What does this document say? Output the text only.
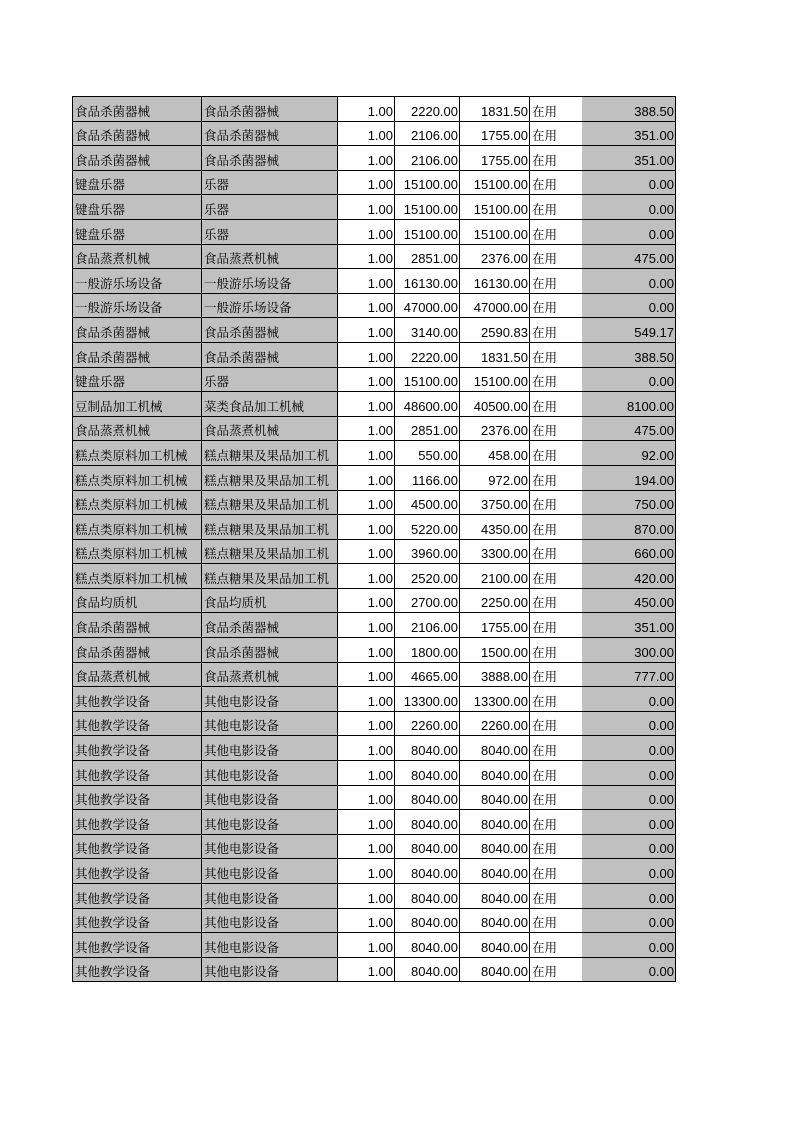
食品杀菌器械	食品杀菌器械	1.00	2220.00	1831.50	在用	388.50
食品杀菌器械	食品杀菌器械	1.00	2106.00	1755.00	在用	351.00
食品杀菌器械	食品杀菌器械	1.00	2106.00	1755.00	在用	351.00
键盘乐器	乐器	1.00	15100.00	15100.00	在用	0.00
键盘乐器	乐器	1.00	15100.00	15100.00	在用	0.00
键盘乐器	乐器	1.00	15100.00	15100.00	在用	0.00
食品蒸煮机械	食品蒸煮机械	1.00	2851.00	2376.00	在用	475.00
一般游乐场设备	一般游乐场设备	1.00	16130.00	16130.00	在用	0.00
一般游乐场设备	一般游乐场设备	1.00	47000.00	47000.00	在用	0.00
食品杀菌器械	食品杀菌器械	1.00	3140.00	2590.83	在用	549.17
食品杀菌器械	食品杀菌器械	1.00	2220.00	1831.50	在用	388.50
键盘乐器	乐器	1.00	15100.00	15100.00	在用	0.00
豆制品加工机械	菜类食品加工机械	1.00	48600.00	40500.00	在用	8100.00
食品蒸煮机械	食品蒸煮机械	1.00	2851.00	2376.00	在用	475.00
糕点类原料加工机械	糕点糖果及果品加工机	1.00	550.00	458.00	在用	92.00
糕点类原料加工机械	糕点糖果及果品加工机	1.00	1166.00	972.00	在用	194.00
糕点类原料加工机械	糕点糖果及果品加工机	1.00	4500.00	3750.00	在用	750.00
糕点类原料加工机械	糕点糖果及果品加工机	1.00	5220.00	4350.00	在用	870.00
糕点类原料加工机械	糕点糖果及果品加工机	1.00	3960.00	3300.00	在用	660.00
糕点类原料加工机械	糕点糖果及果品加工机	1.00	2520.00	2100.00	在用	420.00
食品均质机	食品均质机	1.00	2700.00	2250.00	在用	450.00
食品杀菌器械	食品杀菌器械	1.00	2106.00	1755.00	在用	351.00
食品杀菌器械	食品杀菌器械	1.00	1800.00	1500.00	在用	300.00
食品蒸煮机械	食品蒸煮机械	1.00	4665.00	3888.00	在用	777.00
其他教学设备	其他电影设备	1.00	13300.00	13300.00	在用	0.00
其他教学设备	其他电影设备	1.00	2260.00	2260.00	在用	0.00
其他教学设备	其他电影设备	1.00	8040.00	8040.00	在用	0.00
其他教学设备	其他电影设备	1.00	8040.00	8040.00	在用	0.00
其他教学设备	其他电影设备	1.00	8040.00	8040.00	在用	0.00
其他教学设备	其他电影设备	1.00	8040.00	8040.00	在用	0.00
其他教学设备	其他电影设备	1.00	8040.00	8040.00	在用	0.00
其他教学设备	其他电影设备	1.00	8040.00	8040.00	在用	0.00
其他教学设备	其他电影设备	1.00	8040.00	8040.00	在用	0.00
其他教学设备	其他电影设备	1.00	8040.00	8040.00	在用	0.00
其他教学设备	其他电影设备	1.00	8040.00	8040.00	在用	0.00
其他教学设备	其他电影设备	1.00	8040.00	8040.00	在用	0.00
